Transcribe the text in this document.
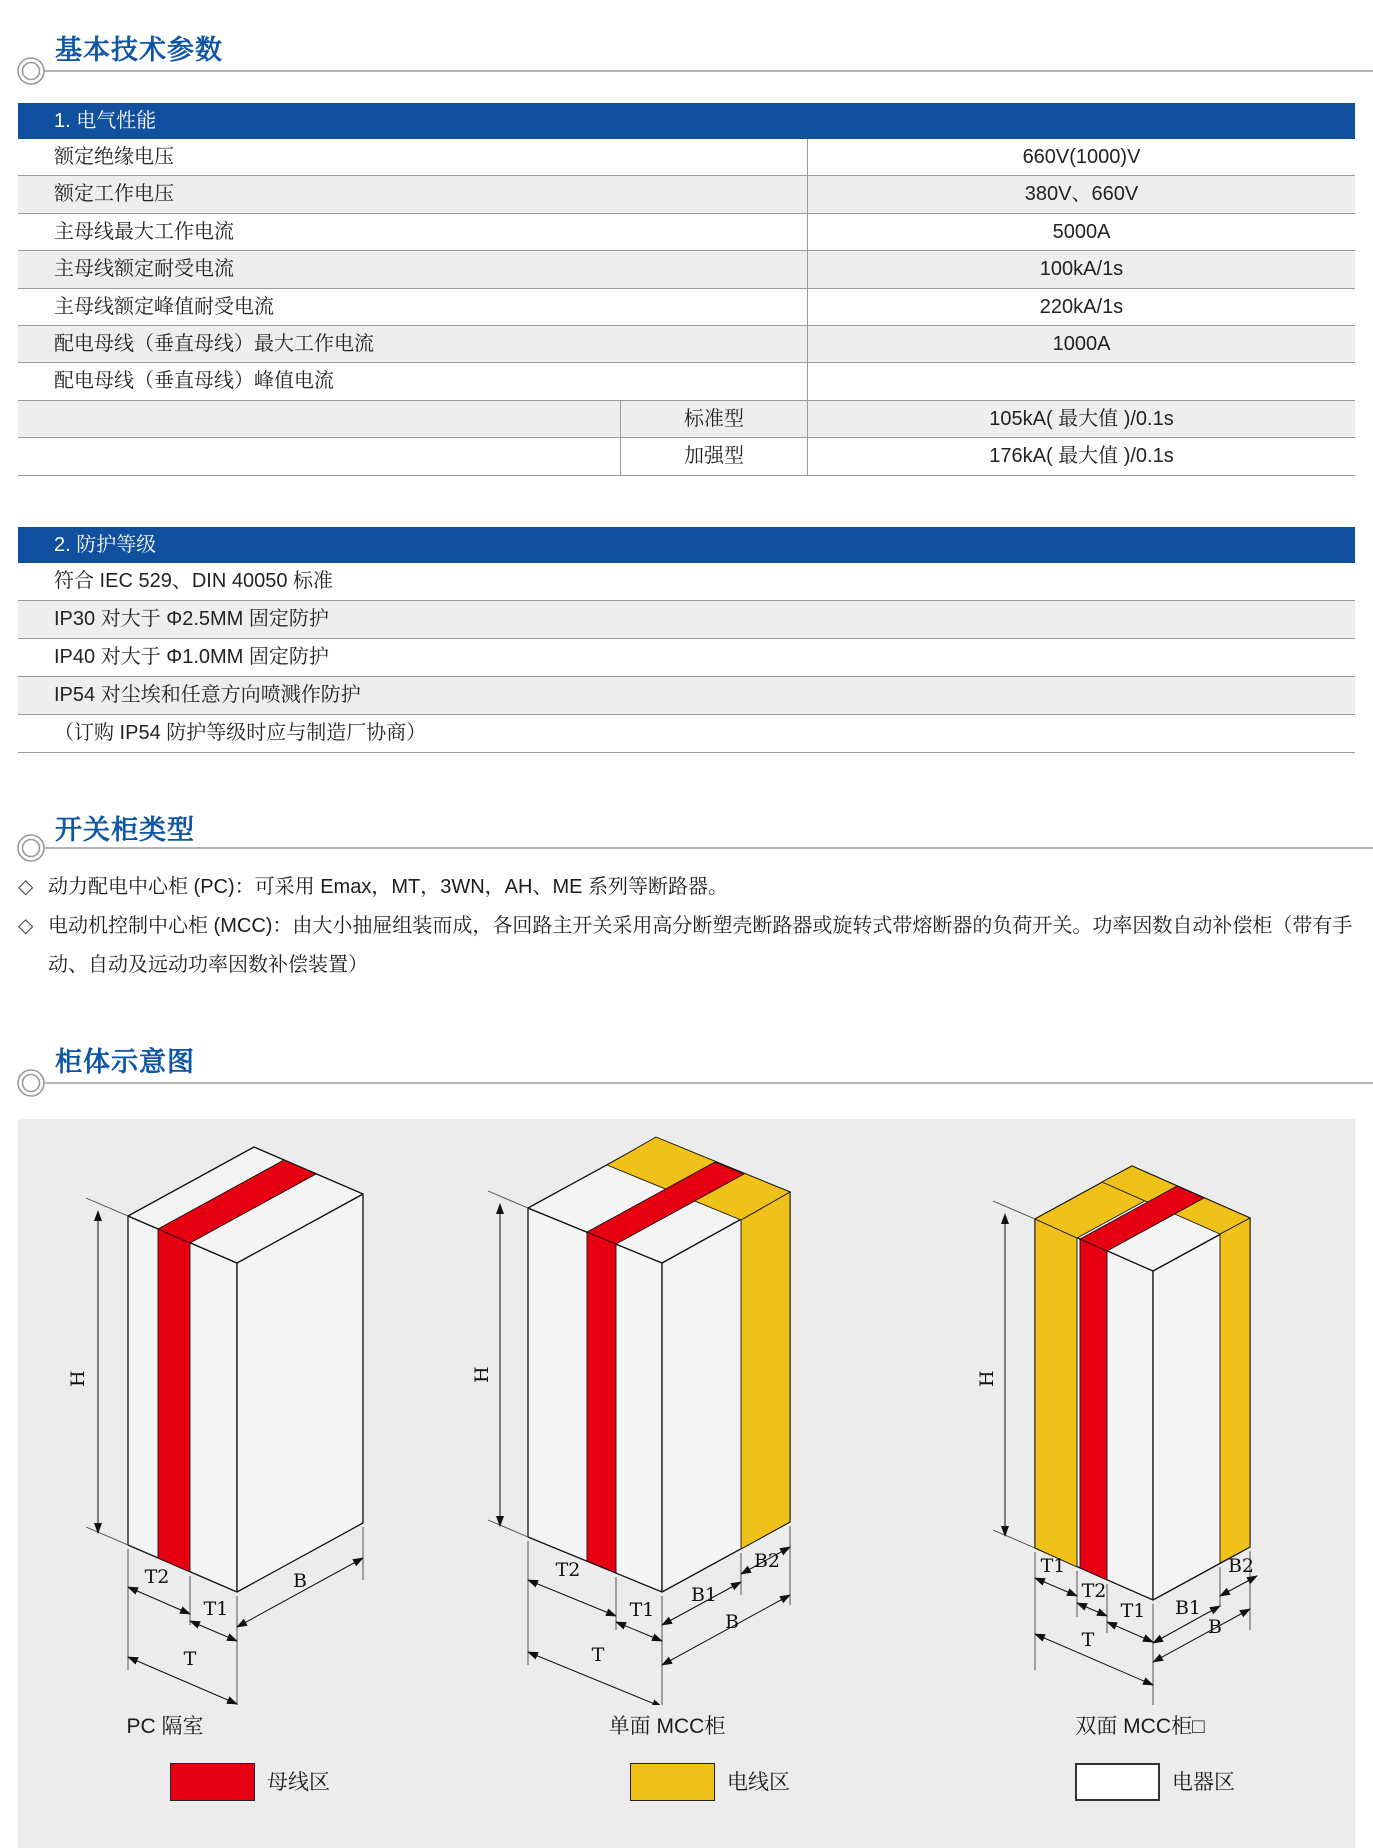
基本技术参数
1. 电气性能
额定绝缘电压	660V(1000)V
额定工作电压	380V、660V
主母线最大工作电流	5000A
主母线额定耐受电流	100kA/1s
主母线额定峰值耐受电流	220kA/1s
配电母线（垂直母线）最大工作电流	1000A
配电母线（垂直母线）峰值电流
标准型	105kA( 最大值 )/0.1s
加强型	176kA( 最大值 )/0.1s
2. 防护等级
符合 IEC 529、DIN 40050 标准
IP30 对大于 Φ2.5MM 固定防护
IP40 对大于 Φ1.0MM 固定防护
IP54 对尘埃和任意方向喷溅作防护
（订购 IP54 防护等级时应与制造厂协商）
开关柜类型
◇ 动力配电中心柜 (PC)：可采用 Emax，MT，3WN，AH、ME 系列等断路器。
◇ 电动机控制中心柜 (MCC)：由大小抽屉组装而成，各回路主开关采用高分断塑壳断路器或旋转式带熔断器的负荷开关。功率因数自动补偿柜（带有手动、自动及远动功率因数补偿装置）
柜体示意图
H
T2
T1
T
B
H
T2
T1
T
B1
B2
B
H
T1
T2
T1
T
B1
B2
B
PC 隔室	单面 MCC柜	双面 MCC柜□
母线区	电线区	电器区
